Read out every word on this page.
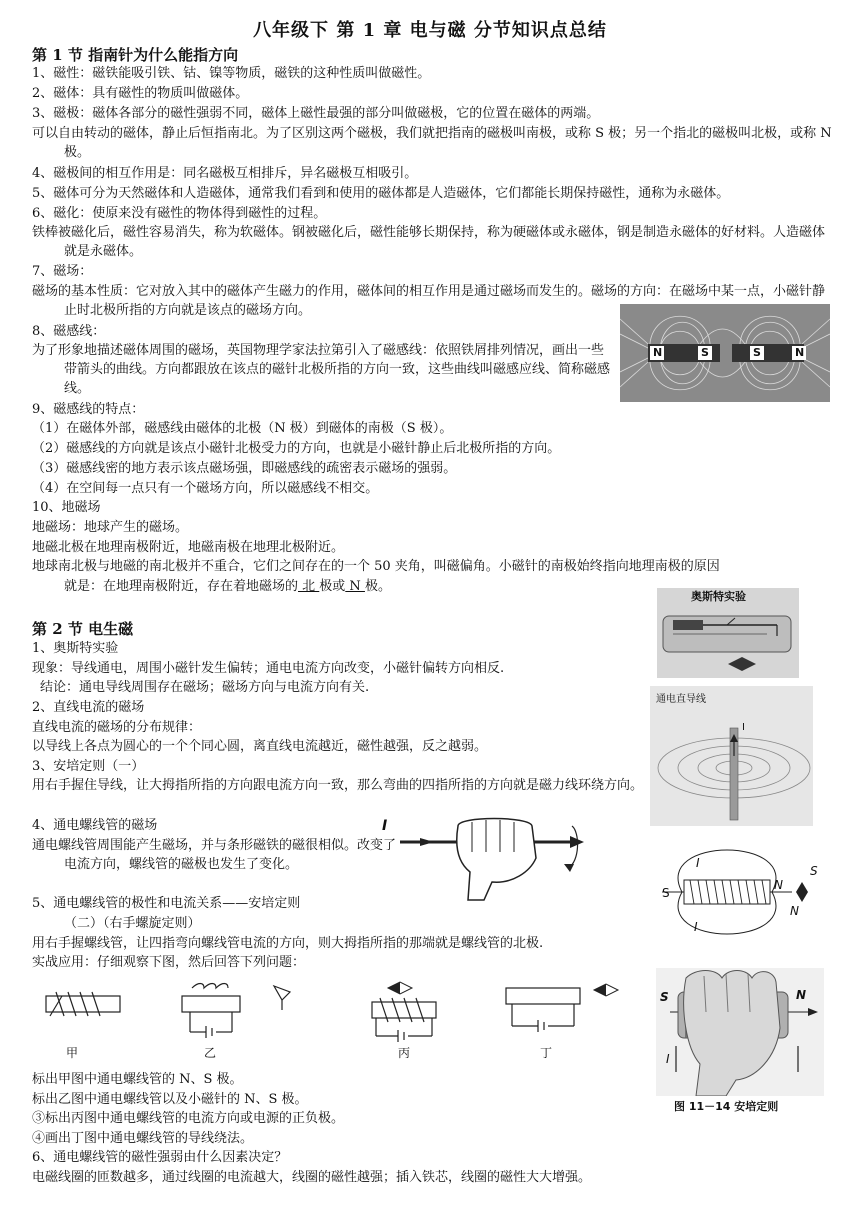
八年级下 第 1 章 电与磁 分节知识点总结
第 1 节 指南针为什么能指方向
1、磁性：磁铁能吸引铁、钴、镍等物质，磁铁的这种性质叫做磁性。
2、磁体：具有磁性的物质叫做磁体。
3、磁极：磁体各部分的磁性强弱不同，磁体上磁性最强的部分叫做磁极，它的位置在磁体的两端。
可以自由转动的磁体，静止后恒指南北。为了区别这两个磁极，我们就把指南的磁极叫南极，或称 S 极；另一个指北的磁极叫北极，或称 N 极。
4、磁极间的相互作用是：同名磁极互相排斥，异名磁极互相吸引。
5、磁体可分为天然磁体和人造磁体，通常我们看到和使用的磁体都是人造磁体，它们都能长期保持磁性，通称为永磁体。
6、磁化：使原来没有磁性的物体得到磁性的过程。
铁棒被磁化后，磁性容易消失，称为软磁体。钢被磁化后，磁性能够长期保持，称为硬磁体或永磁体，钢是制造永磁体的好材料。人造磁体就是永磁体。
7、磁场：
磁场的基本性质：它对放入其中的磁体产生磁力的作用，磁体间的相互作用是通过磁场而发生的。磁场的方向：在磁场中某一点，小磁针静止时北极所指的方向就是该点的磁场方向。
8、磁感线：
为了形象地描述磁体周围的磁场，英国物理学家法拉第引入了磁感线：依照铁屑排列情况，画出一些带箭头的曲线。方向都跟放在该点的磁针北极所指的方向一致，这些曲线叫磁感应线、简称磁感线。
N	S	S	N
9、磁感线的特点：
（1）在磁体外部，磁感线由磁体的北极（N 极）到磁体的南极（S 极）。
（2）磁感线的方向就是该点小磁针北极受力的方向，也就是小磁针静止后北极所指的方向。
（3）磁感线密的地方表示该点磁场强，即磁感线的疏密表示磁场的强弱。
（4）在空间每一点只有一个磁场方向，所以磁感线不相交。
10、地磁场
地磁场：地球产生的磁场。
地磁北极在地理南极附近，地磁南极在地理北极附近。
地球南北极与地磁的南北极并不重合，它们之间存在的一个 50 夹角，叫磁偏角。小磁针的南极始终指向地理南极的原因
就是：在地理南极附近，存在着地磁场的 北 极或 N 极。
第 2 节 电生磁
1、奥斯特实验
现象：导线通电，周围小磁针发生偏转；通电电流方向改变，小磁针偏转方向相反.
结论：通电导线周围存在磁场；磁场方向与电流方向有关.
2、直线电流的磁场
直线电流的磁场的分布规律：
以导线上各点为圆心的一个个同心圆，离直线电流越近，磁性越强，反之越弱。
3、安培定则（一）
用右手握住导线，让大拇指所指的方向跟电流方向一致，那么弯曲的四指所指的方向就是磁力线环绕方向。
4、通电螺线管的磁场
通电螺线管周围能产生磁场，并与条形磁铁的磁很相似。改变了电流方向，螺线管的磁极也发生了变化。
5、通电螺线管的极性和电流关系——安培定则
（二）（右手螺旋定则）
用右手握螺线管，让四指弯向螺线管电流的方向，则大拇指所指的那端就是螺线管的北极.
实战应用：仔细观察下图，然后回答下列问题：
奥斯特实验
通电直导线
I
I
I
S
N
S
N
I
甲	乙	丙	丁
S	N
I
图 11－14 安培定则
标出甲图中通电螺线管的 N、S 极。
标出乙图中通电螺线管以及小磁针的 N、S 极。
③标出丙图中通电螺线管的电流方向或电源的正负极。
④画出丁图中通电螺线管的导线绕法。
6、通电螺线管的磁性强弱由什么因素决定？
电磁线圈的匝数越多，通过线圈的电流越大，线圈的磁性越强；插入铁芯，线圈的磁性大大增强。
